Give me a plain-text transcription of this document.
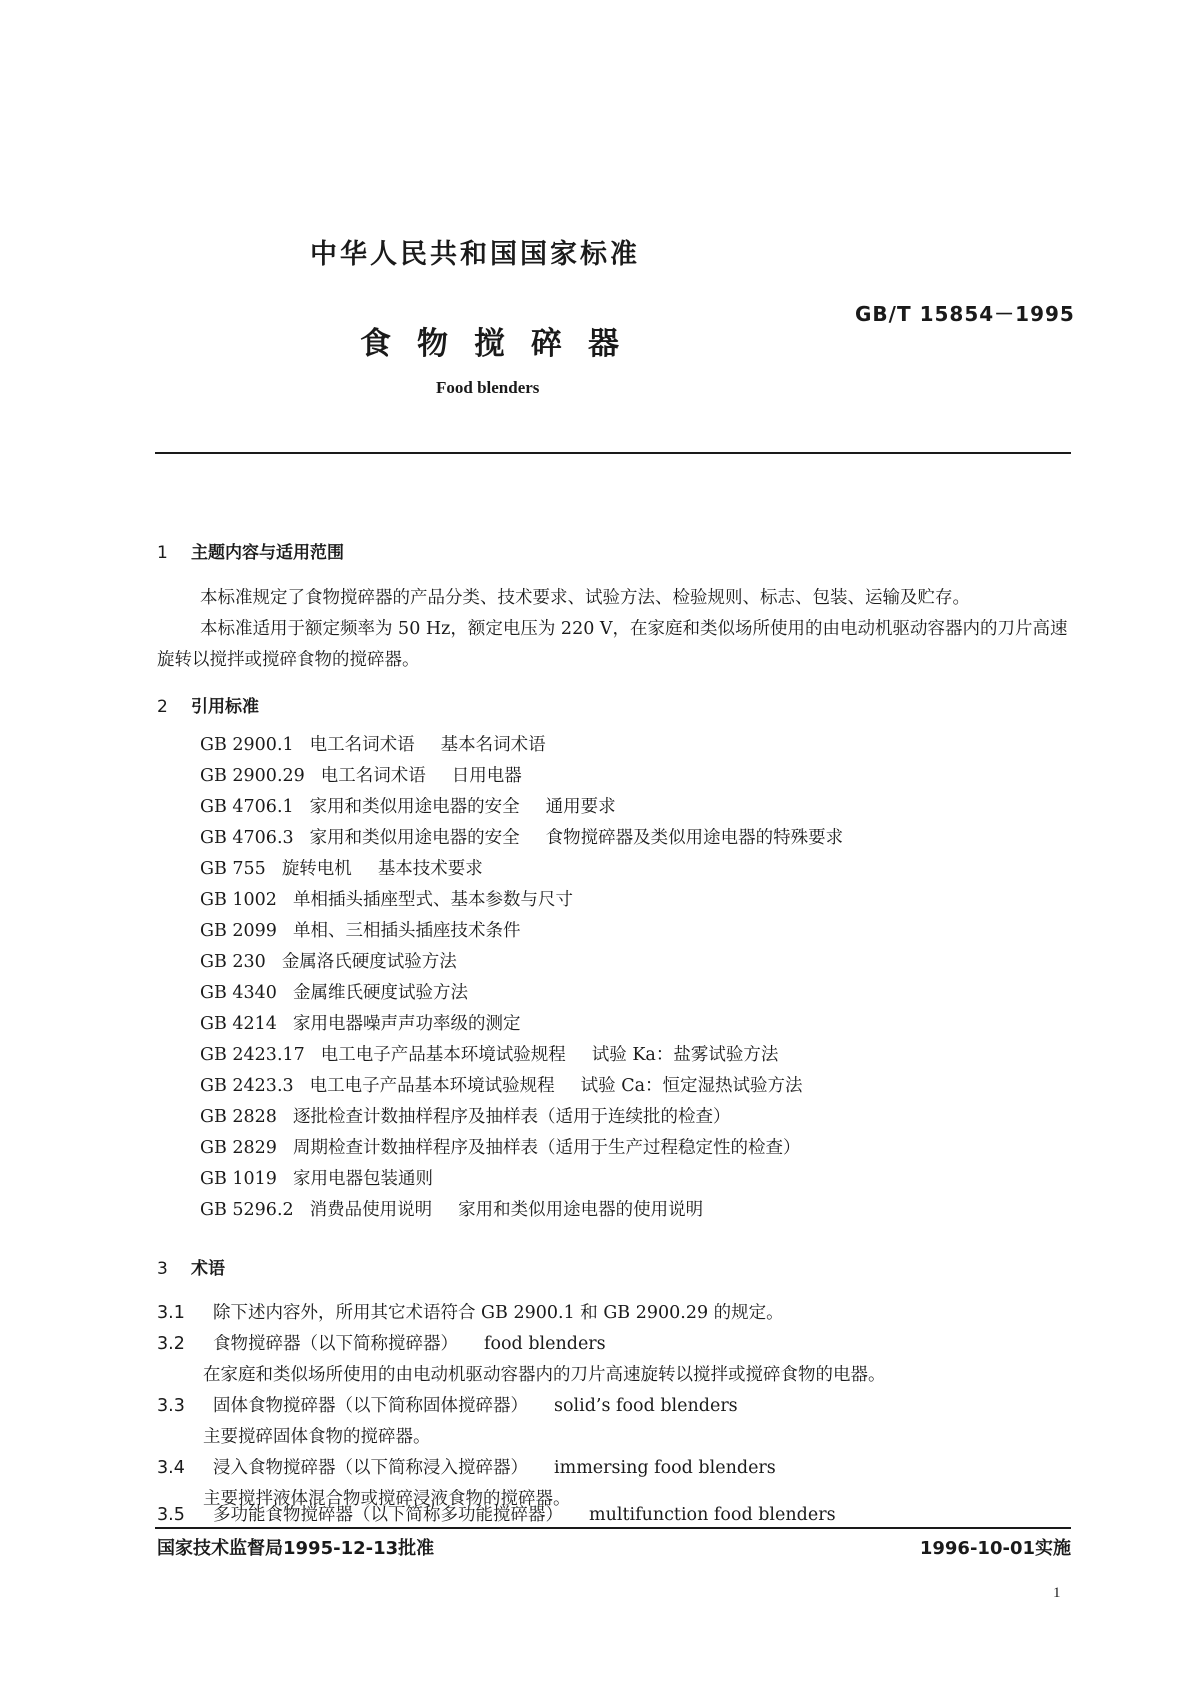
中华人民共和国国家标准

GB/T 15854－1995

食物搅碎器

Food blenders

1 主题内容与适用范围

本标准规定了食物搅碎器的产品分类、技术要求、试验方法、检验规则、标志、包装、运输及贮存。

本标准适用于额定频率为 50 Hz，额定电压为 220 V，在家庭和类似场所使用的由电动机驱动容器内的刀片高速旋转以搅拌或搅碎食物的搅碎器。

2 引用标准
GB 2900.1 电工名词术语 基本名词术语
GB 2900.29 电工名词术语 日用电器
GB 4706.1 家用和类似用途电器的安全 通用要求
GB 4706.3 家用和类似用途电器的安全 食物搅碎器及类似用途电器的特殊要求
GB 755 旋转电机 基本技术要求
GB 1002 单相插头插座型式、基本参数与尺寸
GB 2099 单相、三相插头插座技术条件
GB 230 金属洛氏硬度试验方法
GB 4340 金属维氏硬度试验方法
GB 4214 家用电器噪声声功率级的测定
GB 2423.17 电工电子产品基本环境试验规程 试验 Ka：盐雾试验方法
GB 2423.3 电工电子产品基本环境试验规程 试验 Ca：恒定湿热试验方法
GB 2828 逐批检查计数抽样程序及抽样表（适用于连续批的检查）
GB 2829 周期检查计数抽样程序及抽样表（适用于生产过程稳定性的检查）
GB 1019 家用电器包装通则
GB 5296.2 消费品使用说明 家用和类似用途电器的使用说明
3 术语

3.1 除下述内容外，所用其它术语符合 GB 2900.1 和 GB 2900.29 的规定。

3.2 食物搅碎器（以下简称搅碎器） food blenders

在家庭和类似场所使用的由电动机驱动容器内的刀片高速旋转以搅拌或搅碎食物的电器。

3.3 固体食物搅碎器（以下简称固体搅碎器） solid’s food blenders

主要搅碎固体食物的搅碎器。

3.4 浸入食物搅碎器（以下简称浸入搅碎器） immersing food blenders

主要搅拌液体混合物或搅碎浸液食物的搅碎器。

3.5 多功能食物搅碎器（以下简称多功能搅碎器） multifunction food blenders

国家技术监督局1995-12-13批准	1996-10-01实施

1
